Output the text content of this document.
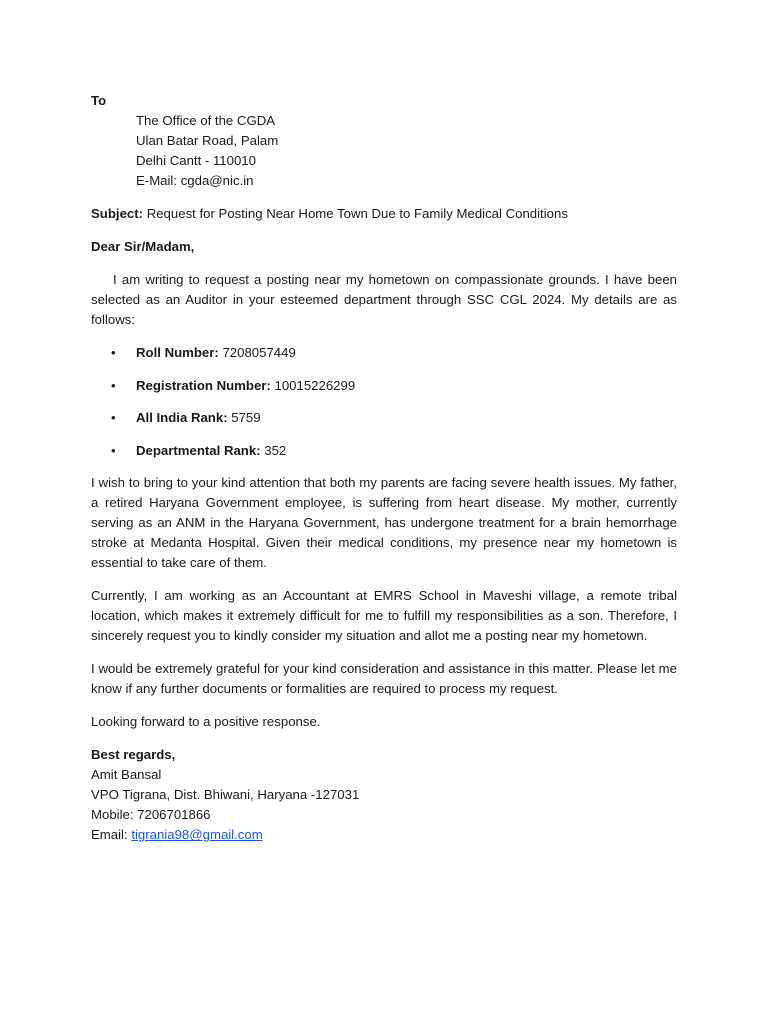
To
The Office of the CGDA
Ulan Batar Road, Palam
Delhi Cantt - 110010
E-Mail: cgda@nic.in

Subject: Request for Posting Near Home Town Due to Family Medical Conditions

Dear Sir/Madam,

I am writing to request a posting near my hometown on compassionate grounds. I have been selected as an Auditor in your esteemed department through SSC CGL 2024. My details are as follows:

• Roll Number: 7208057449
• Registration Number: 10015226299
• All India Rank: 5759
• Departmental Rank: 352

I wish to bring to your kind attention that both my parents are facing severe health issues. My father, a retired Haryana Government employee, is suffering from heart disease. My mother, currently serving as an ANM in the Haryana Government, has undergone treatment for a brain hemorrhage stroke at Medanta Hospital. Given their medical conditions, my presence near my hometown is essential to take care of them.

Currently, I am working as an Accountant at EMRS School in Maveshi village, a remote tribal location, which makes it extremely difficult for me to fulfill my responsibilities as a son. Therefore, I sincerely request you to kindly consider my situation and allot me a posting near my hometown.

I would be extremely grateful for your kind consideration and assistance in this matter. Please let me know if any further documents or formalities are required to process my request.

Looking forward to a positive response.

Best regards,
Amit Bansal
VPO Tigrana, Dist. Bhiwani, Haryana -127031
Mobile: 7206701866
Email: tigrania98@gmail.com
